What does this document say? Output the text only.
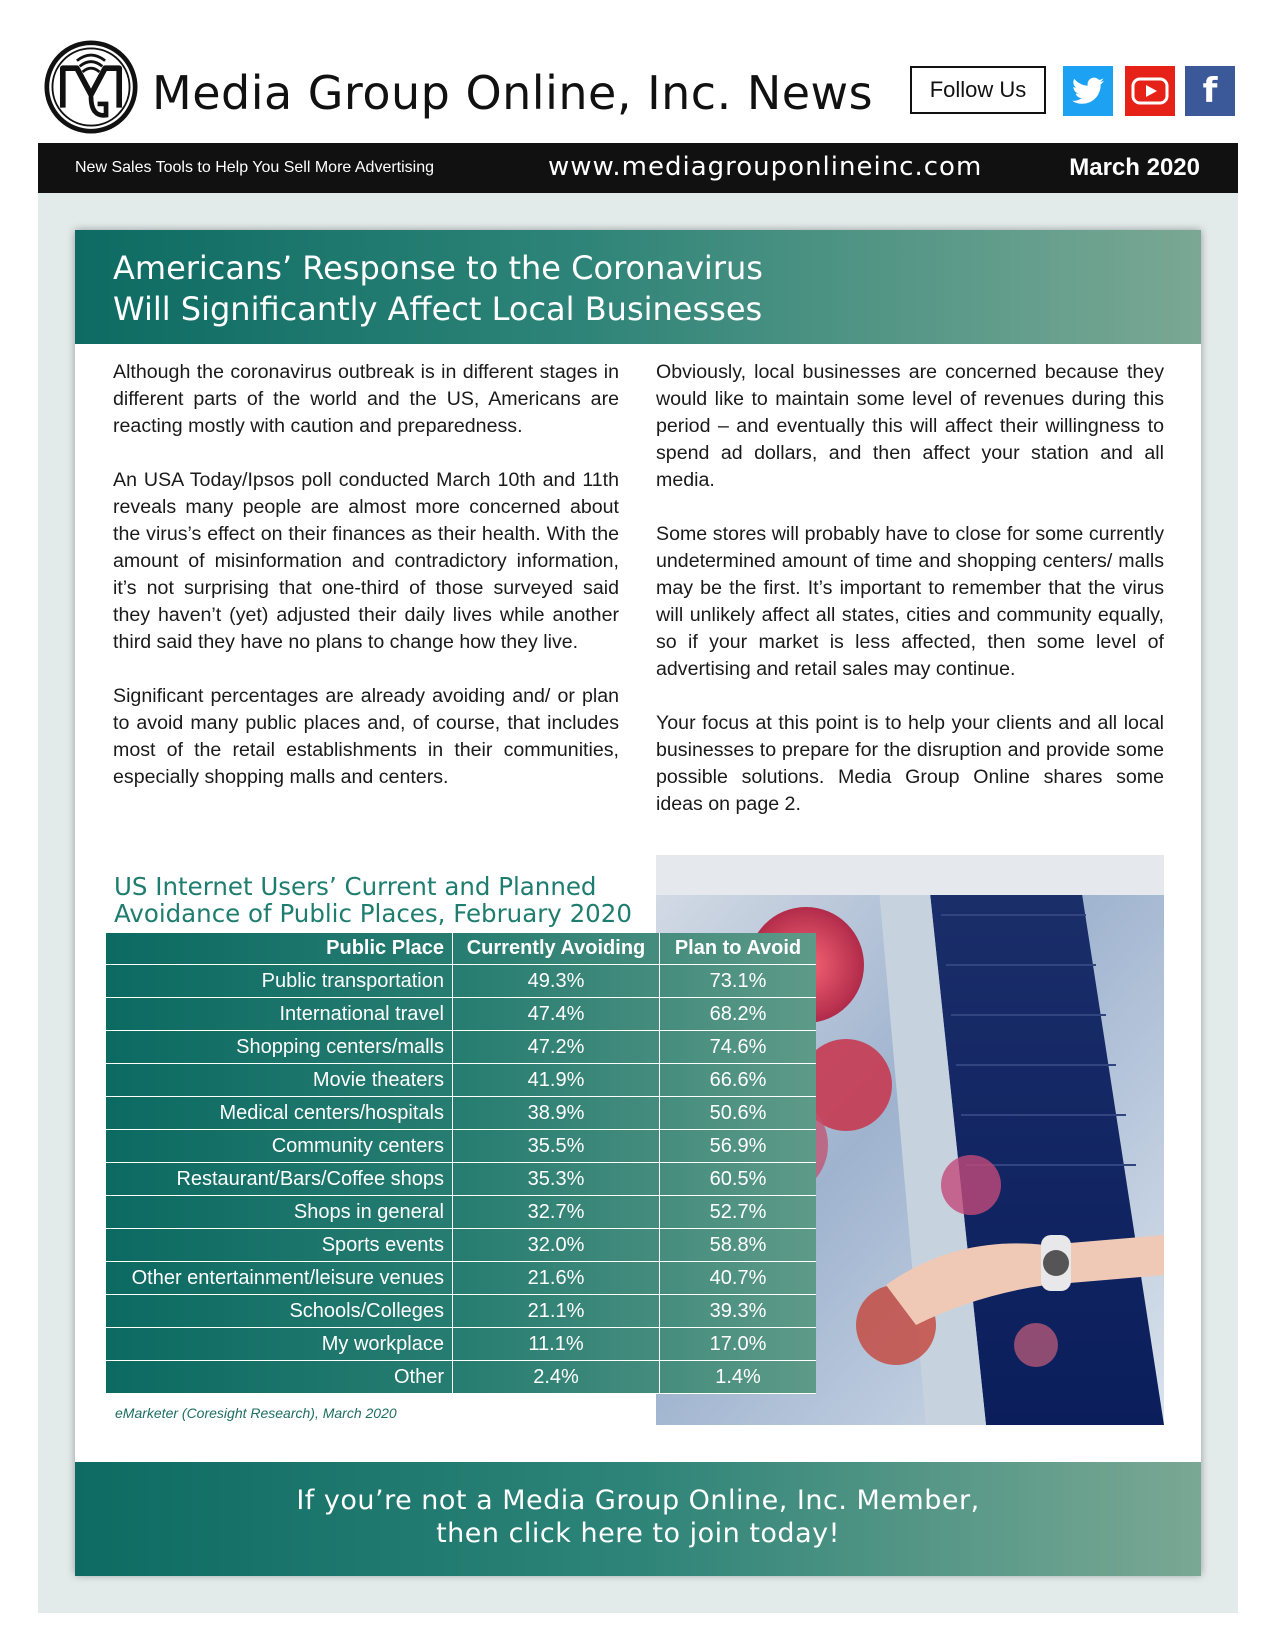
Media Group Online, Inc. News	Follow Us	f
New Sales Tools to Help You Sell More Advertising	www.mediagrouponlineinc.com	March 2020
Americans’ Response to the Coronavirus
Will Significantly Affect Local Businesses

Although the coronavirus outbreak is in different stages in different parts of the world and the US, Americans are reacting mostly with caution and preparedness.

An USA Today/Ipsos poll conducted March 10th and 11th reveals many people are almost more concerned about the virus’s effect on their finances as their health. With the amount of misinformation and contradictory information, it’s not surprising that one-third of those surveyed said they haven’t (yet) adjusted their daily lives while another third said they have no plans to change how they live.

Significant percentages are already avoiding and/ or plan to avoid many public places and, of course, that includes most of the retail establishments in their communities, especially shopping malls and centers.

Obviously, local businesses are concerned because they would like to maintain some level of revenues during this period – and eventually this will affect their willingness to spend ad dollars, and then affect your station and all media.

Some stores will probably have to close for some currently undetermined amount of time and shopping centers/ malls may be the first. It’s important to remember that the virus will unlikely affect all states, cities and community equally, so if your market is less affected, then some level of advertising and retail sales may continue.

Your focus at this point is to help your clients and all local businesses to prepare for the disruption and provide some possible solutions. Media Group Online shares some ideas on page 2.

US Internet Users’ Current and Planned
Avoidance of Public Places, February 2020
Public Place	Currently Avoiding	Plan to Avoid
Public transportation	49.3%	73.1%
International travel	47.4%	68.2%
Shopping centers/malls	47.2%	74.6%
Movie theaters	41.9%	66.6%
Medical centers/hospitals	38.9%	50.6%
Community centers	35.5%	56.9%
Restaurant/Bars/Coffee shops	35.3%	60.5%
Shops in general	32.7%	52.7%
Sports events	32.0%	58.8%
Other entertainment/leisure venues	21.6%	40.7%
Schools/Colleges	21.1%	39.3%
My workplace	11.1%	17.0%
Other	2.4%	1.4%
eMarketer (Coresight Research), March 2020
If you’re not a Media Group Online, Inc. Member,
then click here to join today!
